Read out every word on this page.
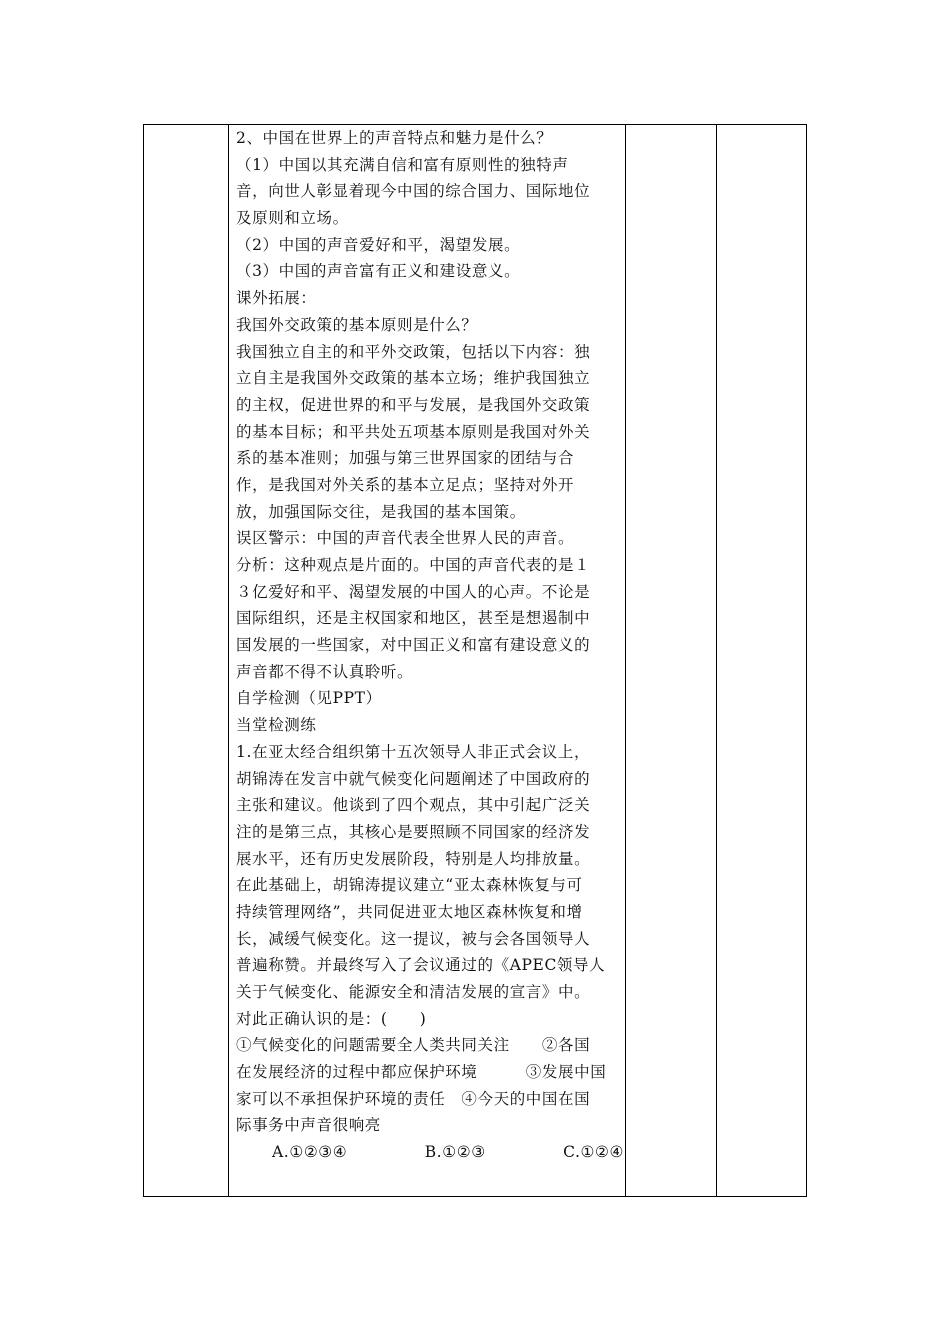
2、中国在世界上的声音特点和魅力是什么？
（1）中国以其充满自信和富有原则性的独特声
音，向世人彰显着现今中国的综合国力、国际地位
及原则和立场。
（2）中国的声音爱好和平，渴望发展。
（3）中国的声音富有正义和建设意义。
课外拓展：
我国外交政策的基本原则是什么？
我国独立自主的和平外交政策，包括以下内容：独
立自主是我国外交政策的基本立场；维护我国独立
的主权，促进世界的和平与发展，是我国外交政策
的基本目标；和平共处五项基本原则是我国对外关
系的基本准则；加强与第三世界国家的团结与合
作，是我国对外关系的基本立足点；坚持对外开
放，加强国际交往，是我国的基本国策。
误区警示：中国的声音代表全世界人民的声音。
分析：这种观点是片面的。中国的声音代表的是１
３亿爱好和平、渴望发展的中国人的心声。不论是
国际组织，还是主权国家和地区，甚至是想遏制中
国发展的一些国家，对中国正义和富有建设意义的
声音都不得不认真聆听。
自学检测（见PPT）
当堂检测练
1.在亚太经合组织第十五次领导人非正式会议上，
胡锦涛在发言中就气候变化问题阐述了中国政府的
主张和建议。他谈到了四个观点，其中引起广泛关
注的是第三点，其核心是要照顾不同国家的经济发
展水平，还有历史发展阶段，特别是人均排放量。
在此基础上，胡锦涛提议建立“亚太森林恢复与可
持续管理网络”，共同促进亚太地区森林恢复和增
长，减缓气候变化。这一提议，被与会各国领导人
普遍称赞。并最终写入了会议通过的《APEC领导人
关于气候变化、能源安全和清洁发展的宣言》中。
对此正确认识的是：(　　)
①气候变化的问题需要全人类共同关注　　②各国
在发展经济的过程中都应保护环境　　　③发展中国
家可以不承担保护环境的责任　④今天的中国在国
际事务中声音很响亮
A.①②③④	B.①②③	C.①②④
